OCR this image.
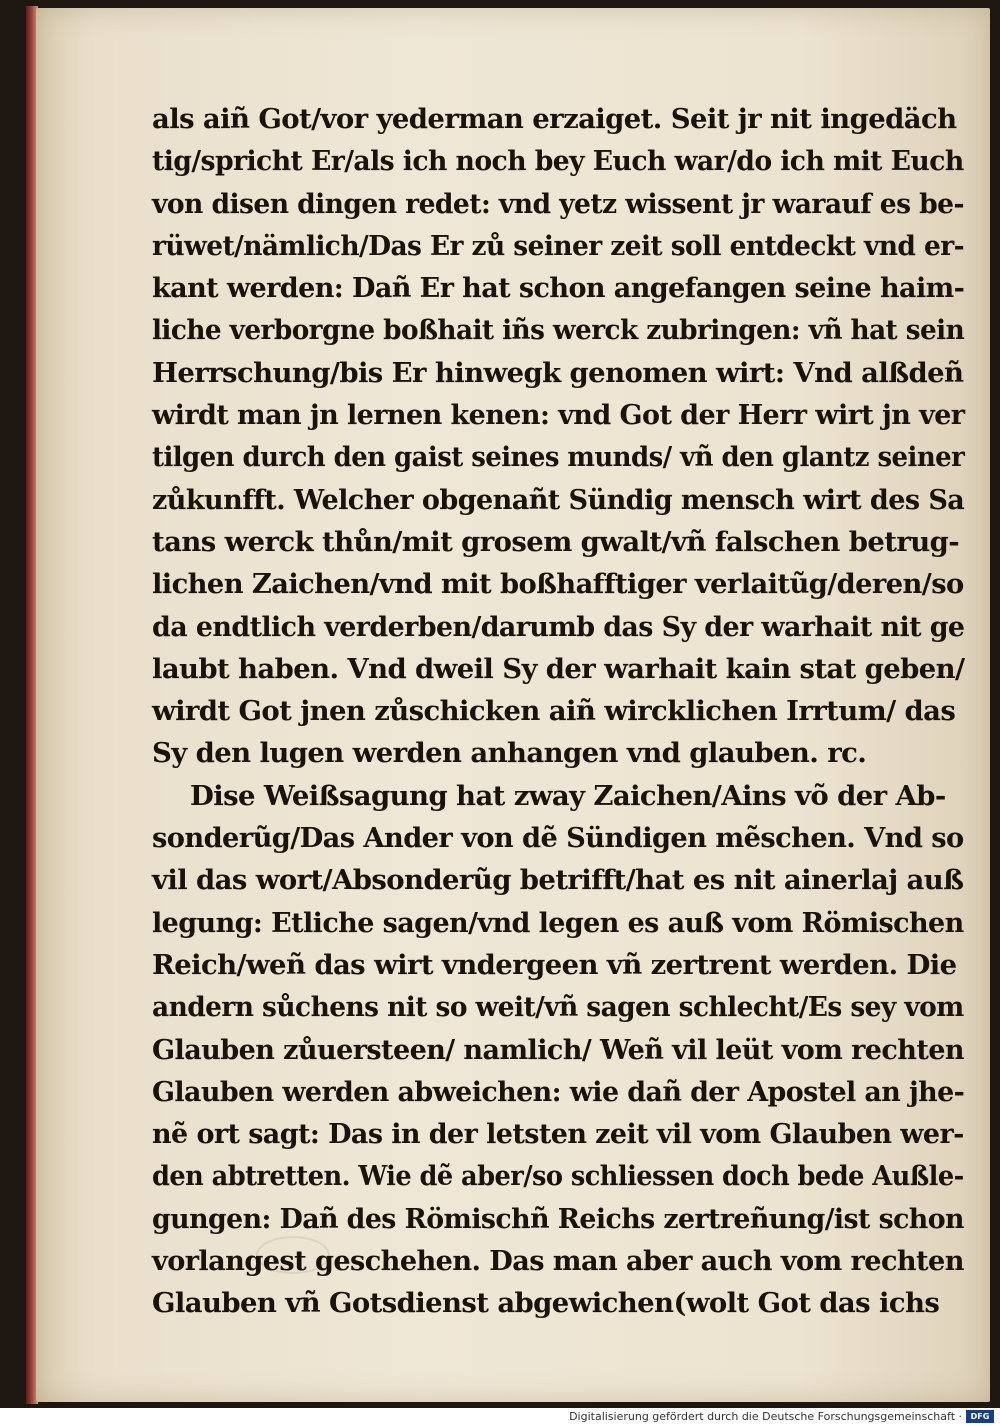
als aiñ Got/vor yederman erzaiget. Seit jr nit ingedäch
tig/spricht Er/als ich noch bey Euch war/do ich mit Euch
von disen dingen redet: vnd yetz wissent jr warauf es be-
rüwet/nämlich/Das Er zů seiner zeit soll entdeckt vnd er-
kant werden: Dañ Er hat schon angefangen seine haim-
liche verborgne boßhait iñs werck zubringen: vñ hat sein
Herrschung/bis Er hinwegk genomen wirt: Vnd alßdeñ
wirdt man jn lernen kenen: vnd Got der Herr wirt jn ver
tilgen durch den gaist seines munds/ vñ den glantz seiner
zůkunfft. Welcher obgenañt Sündig mensch wirt des Sa
tans werck thůn/mit grosem gwalt/vñ falschen betrug-
lichen Zaichen/vnd mit boßhafftiger verlaitũg/deren/so
da endtlich verderben/darumb das Sy der warhait nit ge
laubt haben. Vnd dweil Sy der warhait kain stat geben/
wirdt Got jnen zůschicken aiñ wircklichen Irrtum/ das
Sy den lugen werden anhangen vnd glauben. rc.
Dise Weißsagung hat zway Zaichen/Ains võ der Ab-
sonderũg/Das Ander von dẽ Sündigen mẽschen. Vnd so
vil das wort/Absonderũg betrifft/hat es nit ainerlaj auß
legung: Etliche sagen/vnd legen es auß vom Römischen
Reich/weñ das wirt vndergeen vñ zertrent werden. Die
andern sůchens nit so weit/vñ sagen schlecht/Es sey vom
Glauben zůuersteen/ namlich/ Weñ vil leüt vom rechten
Glauben werden abweichen: wie dañ der Apostel an jhe-
nẽ ort sagt: Das in der letsten zeit vil vom Glauben wer-
den abtretten. Wie dẽ aber/so schliessen doch bede Außle-
gungen: Dañ des Römischñ Reichs zertreñung/ist schon
vorlangest geschehen. Das man aber auch vom rechten
Glauben vñ Gotsdienst abgewichen(wolt Got das ichs
Digitalisierung gefördert durch die Deutsche Forschungsgemeinschaft ·	DFG
